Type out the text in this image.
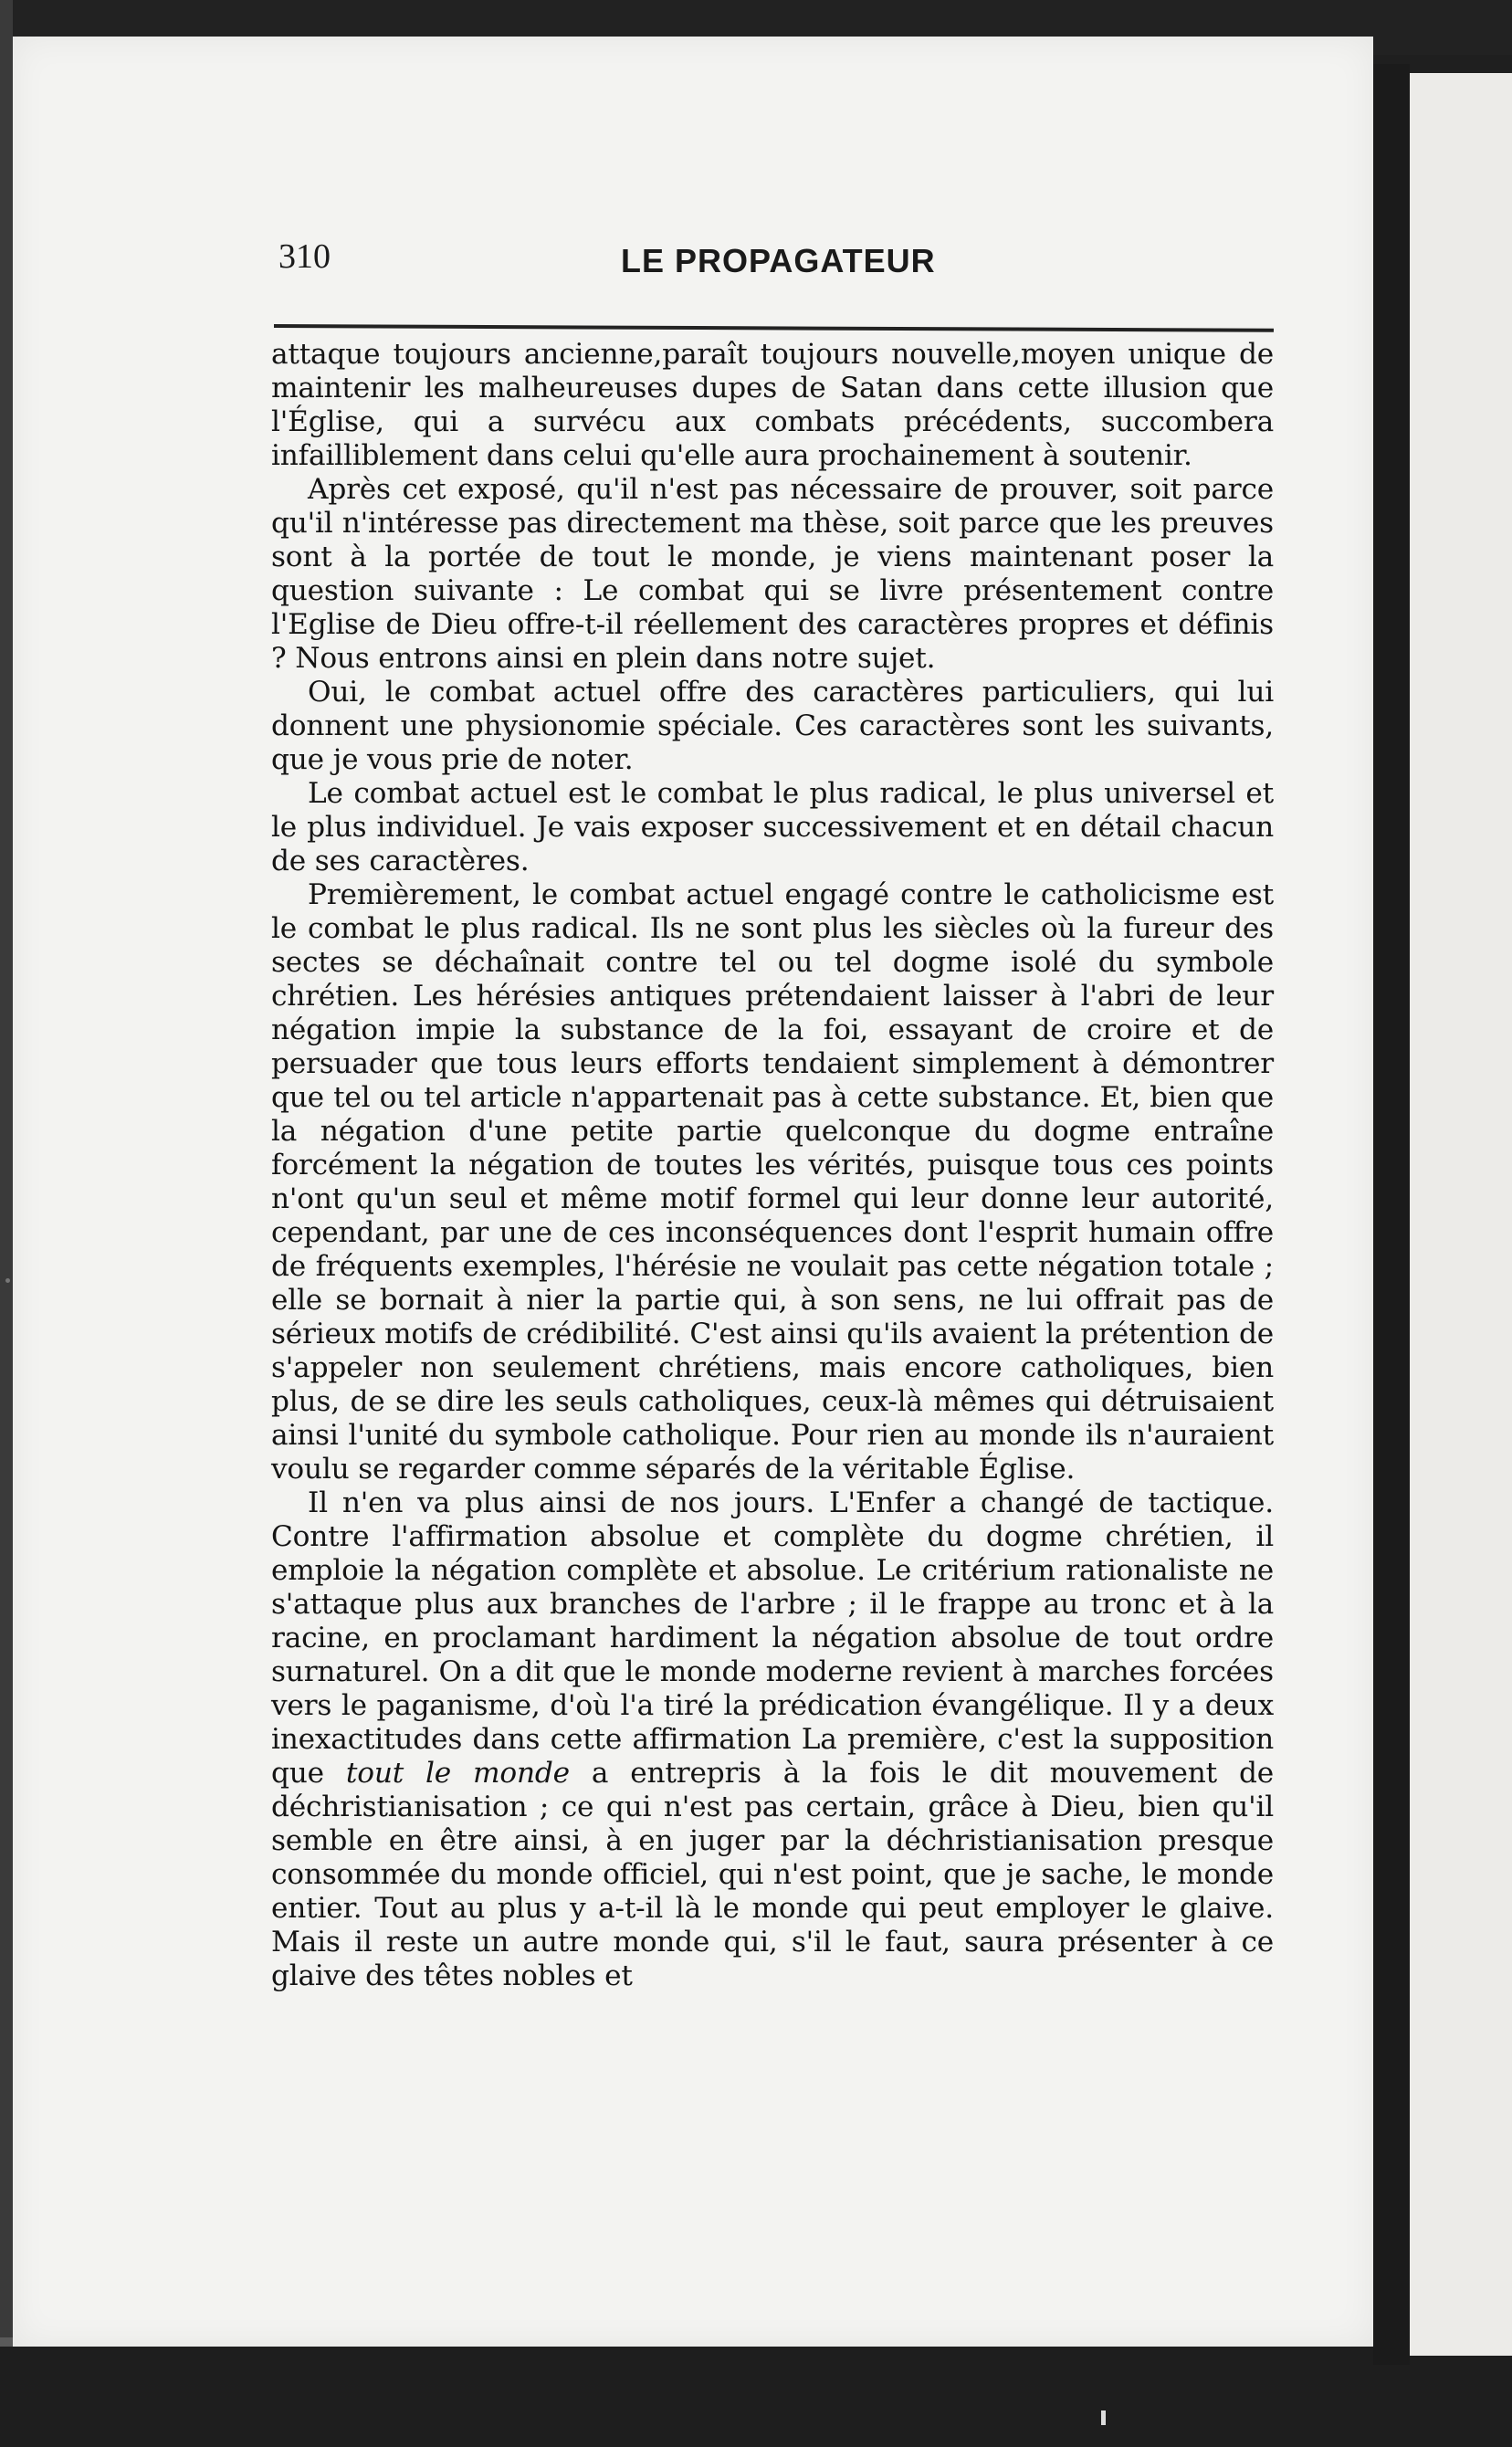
310	LE PROPAGATEUR

attaque toujours ancienne,paraît toujours nouvelle,moyen unique de maintenir les malheureuses dupes de Satan dans cette illusion que l'Église, qui a survécu aux combats précédents, succombera infailliblement dans celui qu'elle aura prochainement à soutenir.

Après cet exposé, qu'il n'est pas nécessaire de prouver, soit parce qu'il n'intéresse pas directement ma thèse, soit parce que les preuves sont à la portée de tout le monde, je viens maintenant poser la question suivante : Le combat qui se livre présentement contre l'Eglise de Dieu offre-t-il réellement des caractères propres et définis ? Nous entrons ainsi en plein dans notre sujet.

Oui, le combat actuel offre des caractères particuliers, qui lui donnent une physionomie spéciale. Ces caractères sont les suivants, que je vous prie de noter.

Le combat actuel est le combat le plus radical, le plus universel et le plus individuel. Je vais exposer successivement et en détail chacun de ses caractères.

Premièrement, le combat actuel engagé contre le catholicisme est le combat le plus radical. Ils ne sont plus les siècles où la fureur des sectes se déchaînait contre tel ou tel dogme isolé du symbole chrétien. Les hérésies antiques prétendaient laisser à l'abri de leur négation impie la substance de la foi, essayant de croire et de persuader que tous leurs efforts tendaient simplement à démontrer que tel ou tel article n'appartenait pas à cette substance. Et, bien que la négation d'une petite partie quelconque du dogme entraîne forcément la négation de toutes les vérités, puisque tous ces points n'ont qu'un seul et même motif formel qui leur donne leur autorité, cependant, par une de ces inconséquences dont l'esprit humain offre de fréquents exemples, l'hérésie ne voulait pas cette négation totale ; elle se bornait à nier la partie qui, à son sens, ne lui offrait pas de sérieux motifs de crédibilité. C'est ainsi qu'ils avaient la prétention de s'appeler non seulement chrétiens, mais encore catholiques, bien plus, de se dire les seuls catholiques, ceux-là mêmes qui détruisaient ainsi l'unité du symbole catholique. Pour rien au monde ils n'auraient voulu se regarder comme séparés de la véritable Église.

Il n'en va plus ainsi de nos jours. L'Enfer a changé de tactique. Contre l'affirmation absolue et complète du dogme chrétien, il emploie la négation complète et absolue. Le critérium rationaliste ne s'attaque plus aux branches de l'arbre ; il le frappe au tronc et à la racine, en proclamant hardiment la négation absolue de tout ordre surnaturel. On a dit que le monde moderne revient à marches forcées vers le paganisme, d'où l'a tiré la prédication évangélique. Il y a deux inexactitudes dans cette affirmation La première, c'est la supposition que tout le monde a entrepris à la fois le dit mouvement de déchristianisation ; ce qui n'est pas certain, grâce à Dieu, bien qu'il semble en être ainsi, à en juger par la déchristianisation presque consommée du monde officiel, qui n'est point, que je sache, le monde entier. Tout au plus y a-t-il là le monde qui peut employer le glaive. Mais il reste un autre monde qui, s'il le faut, saura présenter à ce glaive des têtes nobles et
